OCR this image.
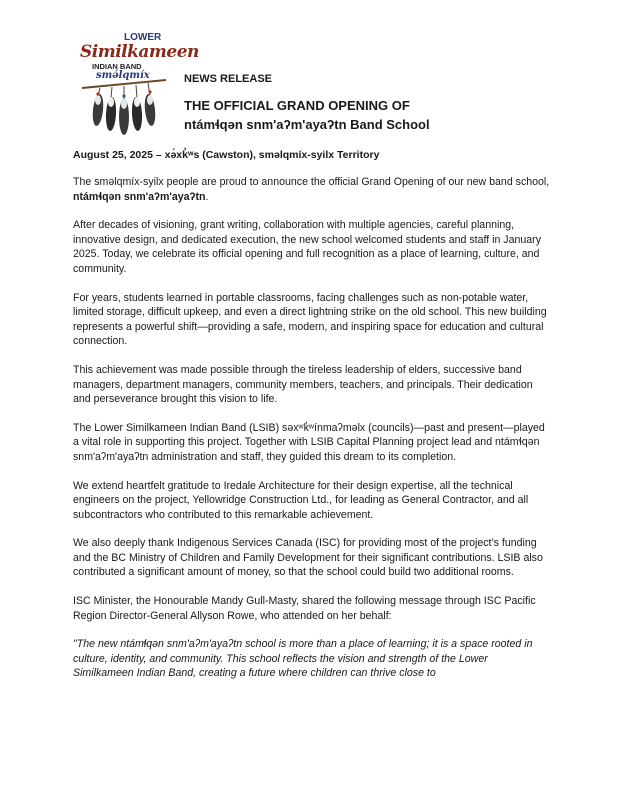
LOWER
Similkameen
INDIAN BAND
smə́lqmíx	NEWS RELEASE
THE OFFICIAL GRAND OPENING OF
ntámɬqən snm'aʔm'ayaʔtn Band School
August 25, 2025 – xə́xk̓ʷs (Cawston), sməlqmíx-syilx Territory

The sməlqmíx-syilx people are proud to announce the official Grand Opening of our new band school, ntámɬqən snm'aʔm'ayaʔtn.

After decades of visioning, grant writing, collaboration with multiple agencies, careful planning, innovative design, and dedicated execution, the new school welcomed students and staff in January 2025. Today, we celebrate its official opening and full recognition as a place of learning, culture, and community.

For years, students learned in portable classrooms, facing challenges such as non-potable water, limited storage, difficult upkeep, and even a direct lightning strike on the old school. This new building represents a powerful shift—providing a safe, modern, and inspiring space for education and cultural connection.

This achievement was made possible through the tireless leadership of elders, successive band managers, department managers, community members, teachers, and principals. Their dedication and perseverance brought this vision to life.

The Lower Similkameen Indian Band (LSIB) səxʷk̓ʷínmaʔməlx (councils)—past and present—played a vital role in supporting this project. Together with LSIB Capital Planning project lead and ntámɬqən snm'aʔm'ayaʔtn administration and staff, they guided this dream to its completion.

We extend heartfelt gratitude to Iredale Architecture for their design expertise, all the technical engineers on the project, Yellowridge Construction Ltd., for leading as General Contractor, and all subcontractors who contributed to this remarkable achievement.

We also deeply thank Indigenous Services Canada (ISC) for providing most of the project’s funding and the BC Ministry of Children and Family Development for their significant contributions. LSIB also contributed a significant amount of money, so that the school could build two additional rooms.

ISC Minister, the Honourable Mandy Gull-Masty, shared the following message through ISC Pacific Region Director-General Allyson Rowe, who attended on her behalf:

"The new ntámɬqən snm'aʔm'ayaʔtn school is more than a place of learning; it is a space rooted in culture, identity, and community. This school reflects the vision and strength of the Lower Similkameen Indian Band, creating a future where children can thrive close to
